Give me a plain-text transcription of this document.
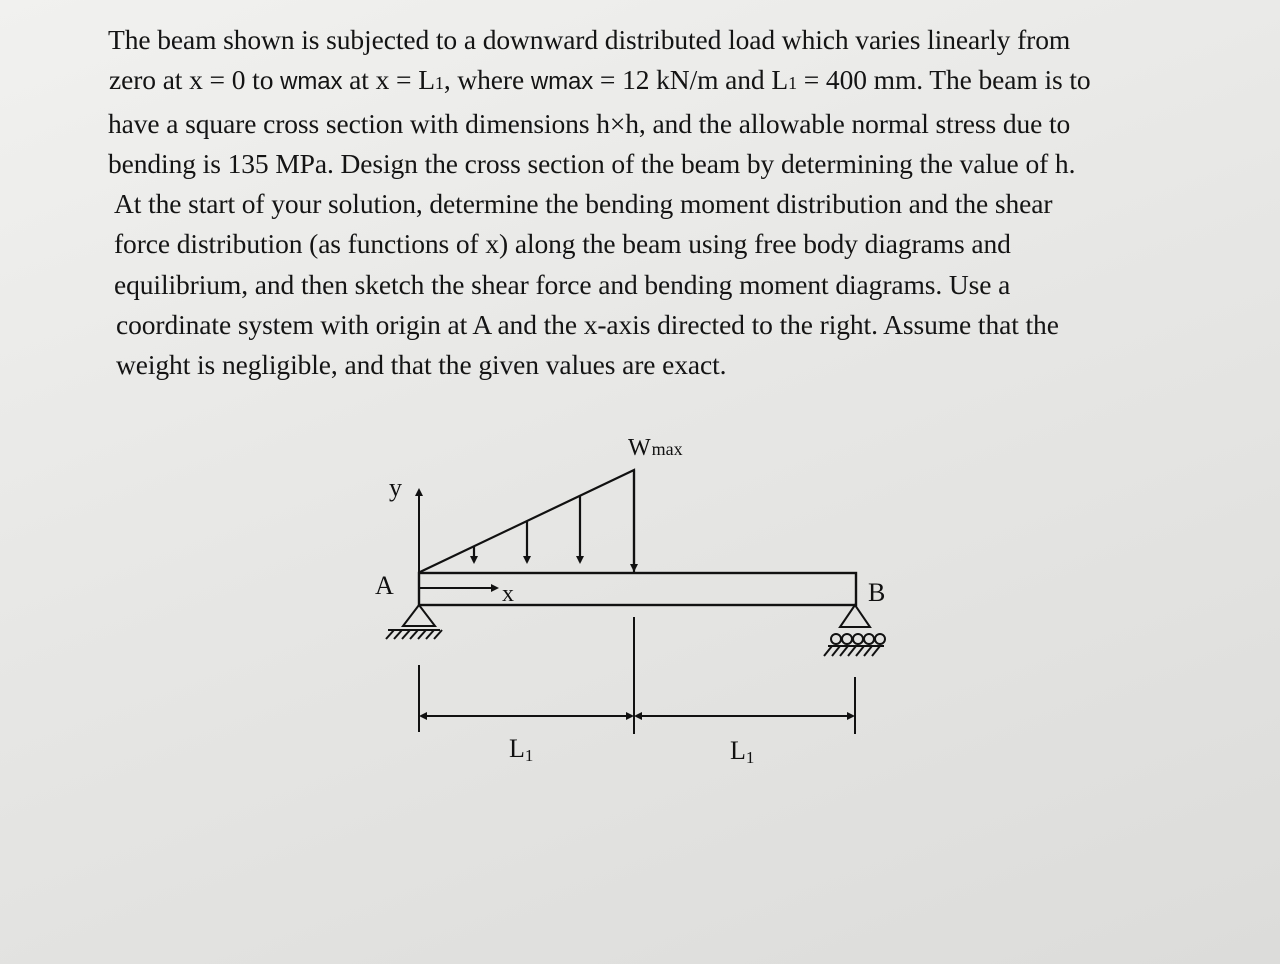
The beam shown is subjected to a downward distributed load which varies linearly from

zero at x = 0 to wmax at x = L1, where wmax = 12 kN/m and L1 = 400 mm. The beam is to

have a square cross section with dimensions h×h, and the allowable normal stress due to

bending is 135 MPa. Design the cross section of the beam by determining the value of h.

At the start of your solution, determine the bending moment distribution and the shear

force distribution (as functions of x) along the beam using free body diagrams and

equilibrium, and then sketch the shear force and bending moment diagrams. Use a

coordinate system with origin at A and the x-axis directed to the right. Assume that the

weight is negligible, and that the given values are exact.

Wmax
y
x
A	B
L1	L1
